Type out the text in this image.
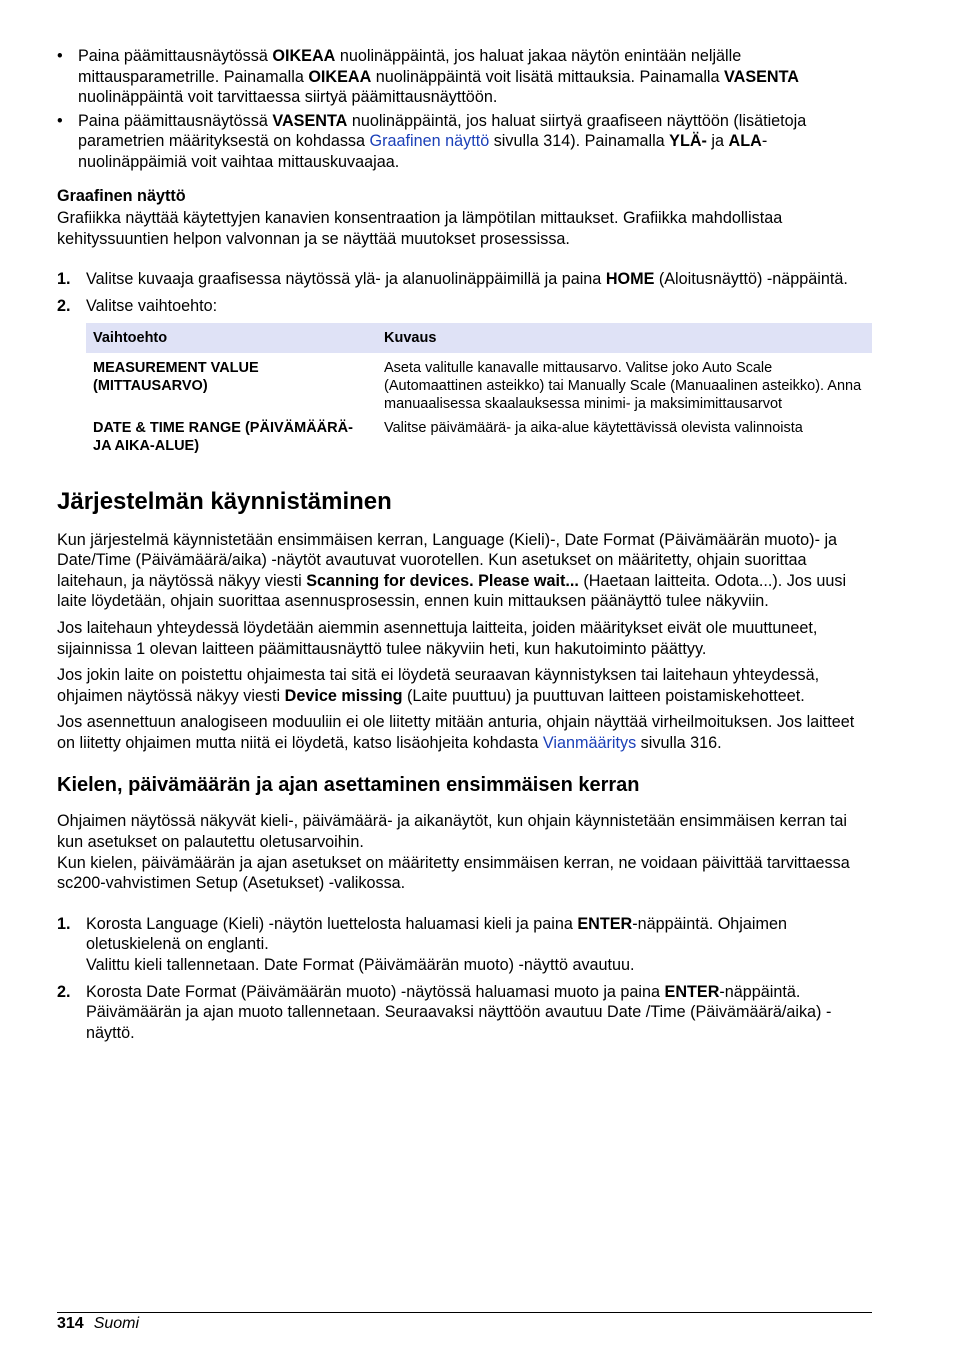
• Paina päämittausnäytössä OIKEAA nuolinäppäintä, jos haluat jakaa näytön enintään neljälle mittausparametrille. Painamalla OIKEAA nuolinäppäintä voit lisätä mittauksia. Painamalla VASENTA nuolinäppäintä voit tarvittaessa siirtyä päämittausnäyttöön.
• Paina päämittausnäytössä VASENTA nuolinäppäintä, jos haluat siirtyä graafiseen näyttöön (lisätietoja parametrien määrityksestä on kohdassa Graafinen näyttö sivulla 314). Painamalla YLÄ- ja ALA-nuolinäppäimiä voit vaihtaa mittauskuvaajaa.
Graafinen näyttö

Grafiikka näyttää käytettyjen kanavien konsentraation ja lämpötilan mittaukset. Grafiikka mahdollistaa kehityssuuntien helpon valvonnan ja se näyttää muutokset prosessissa.

1. Valitse kuvaaja graafisessa näytössä ylä- ja alanuolinäppäimillä ja paina HOME (Aloitusnäyttö) -näppäintä.
2. Valitse vaihtoehto:
Vaihtoehto	Kuvaus
MEASUREMENT VALUE (MITTAUSARVO)	Aseta valitulle kanavalle mittausarvo. Valitse joko Auto Scale (Automaattinen asteikko) tai Manually Scale (Manuaalinen asteikko). Anna manuaalisessa skaalauksessa minimi- ja maksimimittausarvot
DATE & TIME RANGE (PÄIVÄMÄÄRÄ- JA AIKA-ALUE)	Valitse päivämäärä- ja aika-alue käytettävissä olevista valinnoista
Järjestelmän käynnistäminen

Kun järjestelmä käynnistetään ensimmäisen kerran, Language (Kieli)-, Date Format (Päivämäärän muoto)- ja Date/Time (Päivämäärä/aika) -näytöt avautuvat vuorotellen. Kun asetukset on määritetty, ohjain suorittaa laitehaun, ja näytössä näkyy viesti Scanning for devices. Please wait... (Haetaan laitteita. Odota...). Jos uusi laite löydetään, ohjain suorittaa asennusprosessin, ennen kuin mittauksen päänäyttö tulee näkyviin.

Jos laitehaun yhteydessä löydetään aiemmin asennettuja laitteita, joiden määritykset eivät ole muuttuneet, sijainnissa 1 olevan laitteen päämittausnäyttö tulee näkyviin heti, kun hakutoiminto päättyy.

Jos jokin laite on poistettu ohjaimesta tai sitä ei löydetä seuraavan käynnistyksen tai laitehaun yhteydessä, ohjaimen näytössä näkyy viesti Device missing (Laite puuttuu) ja puuttuvan laitteen poistamiskehotteet.

Jos asennettuun analogiseen moduuliin ei ole liitetty mitään anturia, ohjain näyttää virheilmoituksen. Jos laitteet on liitetty ohjaimen mutta niitä ei löydetä, katso lisäohjeita kohdasta Vianmääritys sivulla 316.

Kielen, päivämäärän ja ajan asettaminen ensimmäisen kerran

Ohjaimen näytössä näkyvät kieli-, päivämäärä- ja aikanäytöt, kun ohjain käynnistetään ensimmäisen kerran tai kun asetukset on palautettu oletusarvoihin.

Kun kielen, päivämäärän ja ajan asetukset on määritetty ensimmäisen kerran, ne voidaan päivittää tarvittaessa sc200-vahvistimen Setup (Asetukset) -valikossa.

1. Korosta Language (Kieli) -näytön luettelosta haluamasi kieli ja paina ENTER-näppäintä. Ohjaimen oletuskielenä on englanti.
Valittu kieli tallennetaan. Date Format (Päivämäärän muoto) -näyttö avautuu.
2. Korosta Date Format (Päivämäärän muoto) -näytössä haluamasi muoto ja paina ENTER-näppäintä.
Päivämäärän ja ajan muoto tallennetaan. Seuraavaksi näyttöön avautuu Date /Time (Päivämäärä/aika) -näyttö.
314 Suomi
